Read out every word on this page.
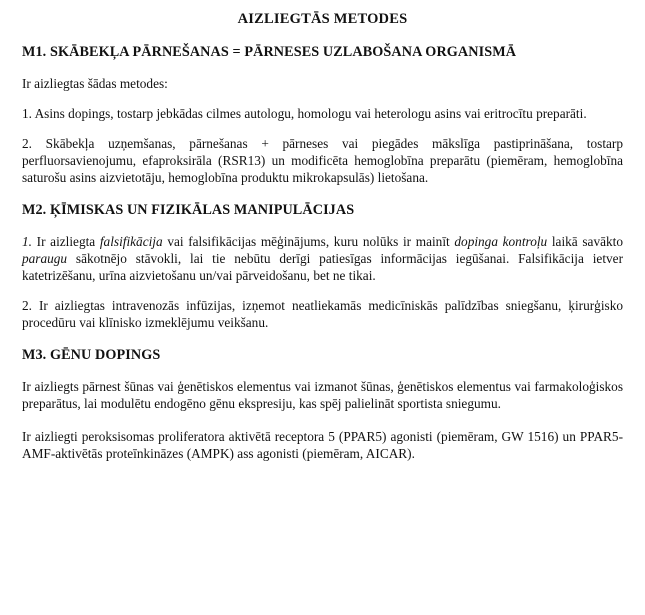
AIZLIEGTĀS METODES
M1. SKĀBEKĻA PĀRNEŠANAS = PĀRNESES UZLABOŠANA ORGANISMĀ

Ir aizliegtas šādas metodes:

1. Asins dopings, tostarp jebkādas cilmes autologu, homologu vai heterologu asins vai eritrocītu preparāti.

2. Skābekļa uzņemšanas, pārnešanas + pārneses vai piegādes mākslīga pastiprināšana, tostarp perfluorsavienojumu, efaproksirāla (RSR13) un modificēta hemoglobīna preparātu (piemēram, hemoglobīna saturošu asins aizvietotāju, hemoglobīna produktu mikrokapsulās) lietošana.

M2. ĶĪMISKAS UN FIZIKĀLAS MANIPULĀCIJAS

1. Ir aizliegta falsifikācija vai falsifikācijas mēģinājums, kuru nolūks ir mainīt dopinga kontroļu laikā savākto paraugu sākotnējo stāvokli, lai tie nebūtu derīgi patiesīgas informācijas iegūšanai. Falsifikācija ietver katetrizēšanu, urīna aizvietošanu un/vai pārveidošanu, bet ne tikai.

2. Ir aizliegtas intravenozās infūzijas, izņemot neatliekamās medicīniskās palīdzības sniegšanu, ķirurģisko procedūru vai klīnisko izmeklējumu veikšanu.

M3. GĒNU DOPINGS

Ir aizliegts pārnest šūnas vai ģenētiskos elementus vai izmanot šūnas, ģenētiskos elementus vai farmakoloģiskos preparātus, lai modulētu endogēno gēnu ekspresiju, kas spēj palielināt sportista sniegumu.

Ir aizliegti peroksisomas proliferatora aktivētā receptora 5 (PPAR5) agonisti (piemēram, GW 1516) un PPAR5-AMF-aktivētās proteīnkināzes (AMPK) ass agonisti (piemēram, AICAR).
